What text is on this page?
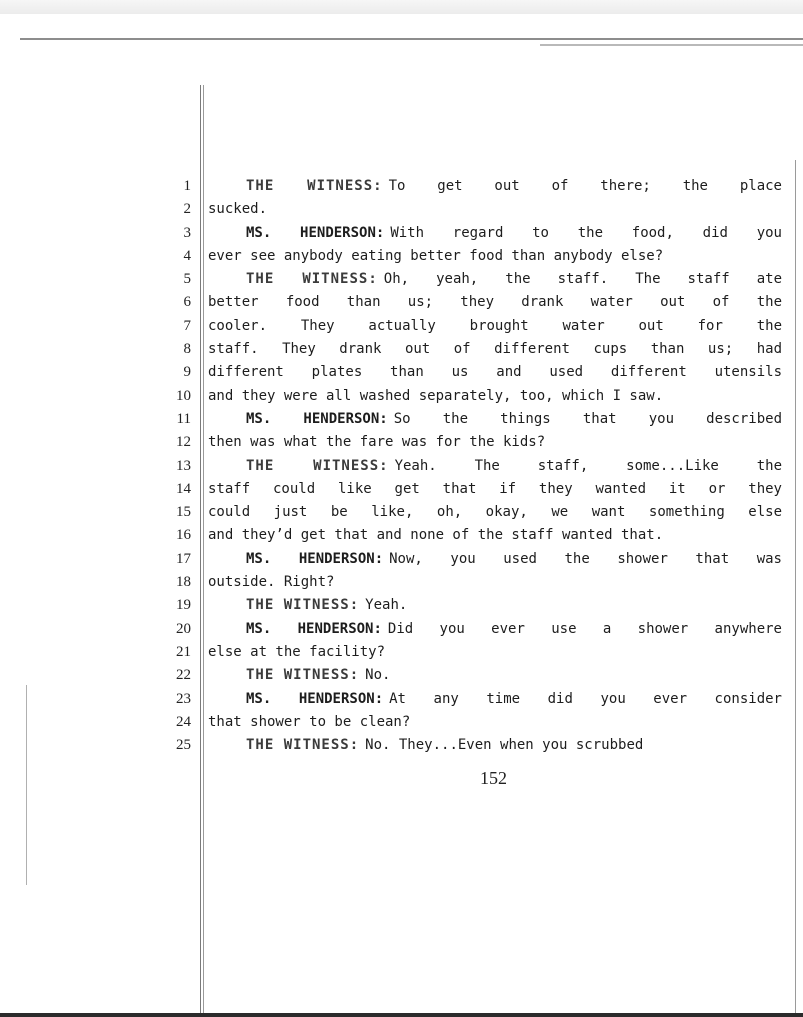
1	THE WITNESS: To get out of there; the place
2 sucked.
3	MS. HENDERSON: With regard to the food, did you
4 ever see anybody eating better food than anybody else?
5	THE WITNESS: Oh, yeah, the staff. The staff ate
6 better food than us; they drank water out of the
7 cooler. They actually brought water out for the
8 staff. They drank out of different cups than us; had
9 different plates than us and used different utensils
10 and they were all washed separately, too, which I saw.
11	MS. HENDERSON: So the things that you described
12 then was what the fare was for the kids?
13	THE WITNESS: Yeah. The staff, some...Like the
14 staff could like get that if they wanted it or they
15 could just be like, oh, okay, we want something else
16 and they’d get that and none of the staff wanted that.
17	MS. HENDERSON: Now, you used the shower that was
18 outside. Right?
19	THE WITNESS: Yeah.
20	MS. HENDERSON: Did you ever use a shower anywhere
21 else at the facility?
22	THE WITNESS: No.
23	MS. HENDERSON: At any time did you ever consider
24 that shower to be clean?
25	THE WITNESS: No. They...Even when you scrubbed
152
